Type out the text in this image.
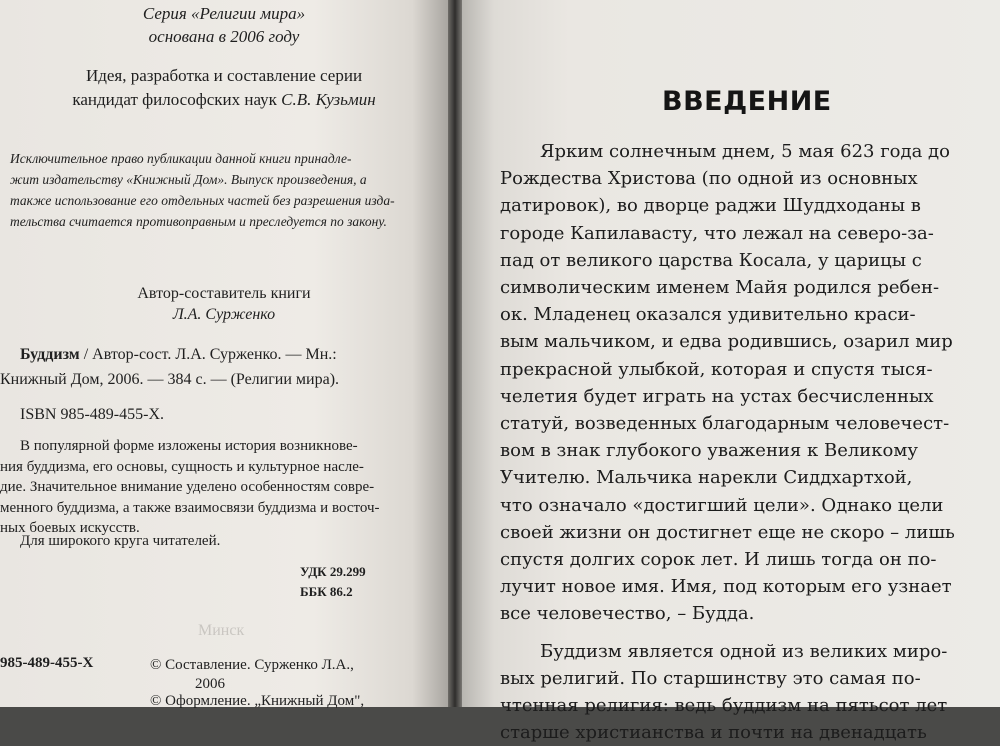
Серия «Религии мира»
основана в 2006 году
Идея, разработка и составление серии
кандидат философских наук С.В. Кузьмин
Исключительное право публикации данной книги принадле-
жит издательству «Книжный Дом». Выпуск произведения, а
также использование его отдельных частей без разрешения изда-
тельства считается противоправным и преследуется по закону.
Автор-составитель книги
Л.А. Сурженко
Буддизм / Автор-сост. Л.А. Сурженко. — Мн.:
Книжный Дом, 2006. — 384 с. — (Религии мира).
ISBN 985-489-455-X.
В популярной форме изложены история возникнове-
ния буддизма, его основы, сущность и культурное насле-
дие. Значительное внимание уделено особенностям совре-
менного буддизма, а также взаимосвязи буддизма и восточ-
ных боевых искусств.
Для широкого круга читателей.
УДК 29.299
ББК 86.2
Минск
985-489-455-Х	© Составление. Сурженко Л.А.,
2006
© Оформление. „Книжный Дом",
ВВЕДЕНИЕ
Ярким солнечным днем, 5 мая 623 года до
Рождества Христова (по одной из основных
датировок), во дворце раджи Шуддходаны в
городе Капилавасту, что лежал на северо-за-
пад от великого царства Косала, у царицы с
символическим именем Майя родился ребен-
ок. Младенец оказался удивительно краси-
вым мальчиком, и едва родившись, озарил мир
прекрасной улыбкой, которая и спустя тыся-
челетия будет играть на устах бесчисленных
статуй, возведенных благодарным человечест-
вом в знак глубокого уважения к Великому
Учителю. Мальчика нарекли Сиддхартхой,
что означало «достигший цели». Однако цели
своей жизни он достигнет еще не скоро – лишь
спустя долгих сорок лет. И лишь тогда он по-
лучит новое имя. Имя, под которым его узнает
все человечество, – Будда.
Буддизм является одной из великих миро-
вых религий. По старшинству это самая по-
чтенная религия: ведь буддизм на пятьсот лет
старше христианства и почти на двенадцать
